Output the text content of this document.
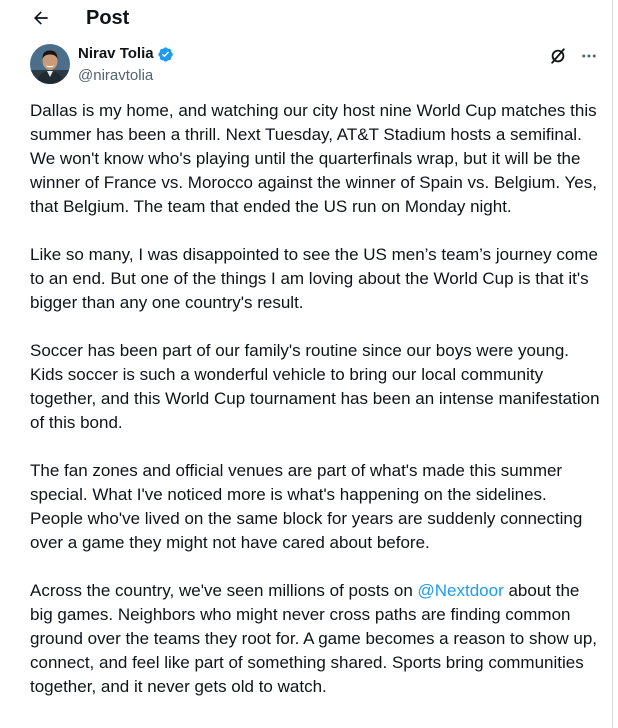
Post
Nirav Tolia
@niravtolia

Dallas is my home, and watching our city host nine World Cup matches this summer has been a thrill. Next Tuesday, AT&T Stadium hosts a semifinal. We won't know who's playing until the quarterfinals wrap, but it will be the winner of France vs. Morocco against the winner of Spain vs. Belgium. Yes, that Belgium. The team that ended the US run on Monday night.

Like so many, I was disappointed to see the US men’s team’s journey come to an end. But one of the things I am loving about the World Cup is that it's bigger than any one country's result.

Soccer has been part of our family's routine since our boys were young. Kids soccer is such a wonderful vehicle to bring our local community together, and this World Cup tournament has been an intense manifestation of this bond.

The fan zones and official venues are part of what's made this summer special. What I've noticed more is what's happening on the sidelines. People who've lived on the same block for years are suddenly connecting over a game they might not have cared about before.

Across the country, we've seen millions of posts on @Nextdoor about the big games. Neighbors who might never cross paths are finding common ground over the teams they root for. A game becomes a reason to show up, connect, and feel like part of something shared. Sports bring communities together, and it never gets old to watch.
